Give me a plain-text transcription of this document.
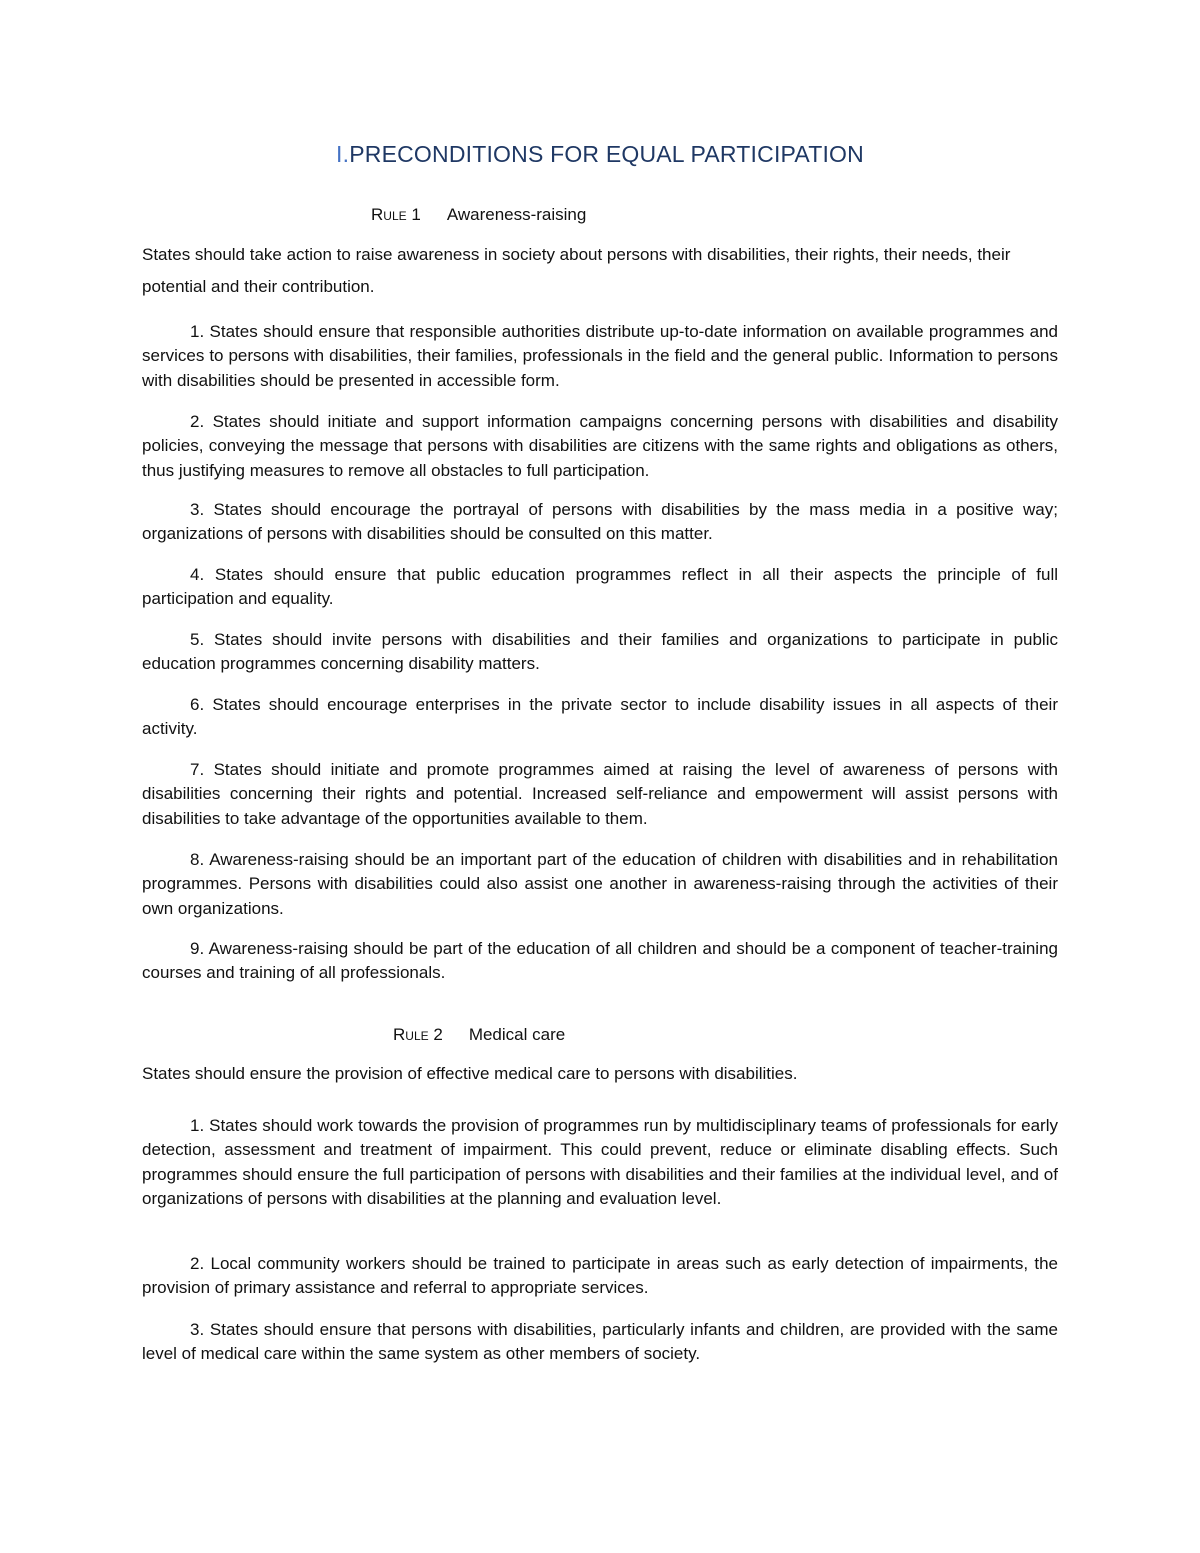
I.PRECONDITIONS FOR EQUAL PARTICIPATION
Rule 1 Awareness-raising

States should take action to raise awareness in society about persons with disabilities, their rights, their needs, their potential and their contribution.

1. States should ensure that responsible authorities distribute up-to-date information on available programmes and services to persons with disabilities, their families, professionals in the field and the general public. Information to persons with disabilities should be presented in accessible form.

2. States should initiate and support information campaigns concerning persons with disabilities and disability policies, conveying the message that persons with disabilities are citizens with the same rights and obligations as others, thus justifying measures to remove all obstacles to full participation.

3. States should encourage the portrayal of persons with disabilities by the mass media in a positive way; organizations of persons with disabilities should be consulted on this matter.

4. States should ensure that public education programmes reflect in all their aspects the principle of full participation and equality.

5. States should invite persons with disabilities and their families and organizations to participate in public education programmes concerning disability matters.

6. States should encourage enterprises in the private sector to include disability issues in all aspects of their activity.

7. States should initiate and promote programmes aimed at raising the level of awareness of persons with disabilities concerning their rights and potential. Increased self-reliance and empowerment will assist persons with disabilities to take advantage of the opportunities available to them.

8. Awareness-raising should be an important part of the education of children with disabilities and in rehabilitation programmes. Persons with disabilities could also assist one another in awareness-raising through the activities of their own organizations.

9. Awareness-raising should be part of the education of all children and should be a component of teacher-training courses and training of all professionals.

Rule 2 Medical care

States should ensure the provision of effective medical care to persons with disabilities.

1. States should work towards the provision of programmes run by multidisciplinary teams of professionals for early detection, assessment and treatment of impairment. This could prevent, reduce or eliminate disabling effects. Such programmes should ensure the full participation of persons with disabilities and their families at the individual level, and of organizations of persons with disabilities at the planning and evaluation level.

2. Local community workers should be trained to participate in areas such as early detection of impairments, the provision of primary assistance and referral to appropriate services.

3. States should ensure that persons with disabilities, particularly infants and children, are provided with the same level of medical care within the same system as other members of society.
